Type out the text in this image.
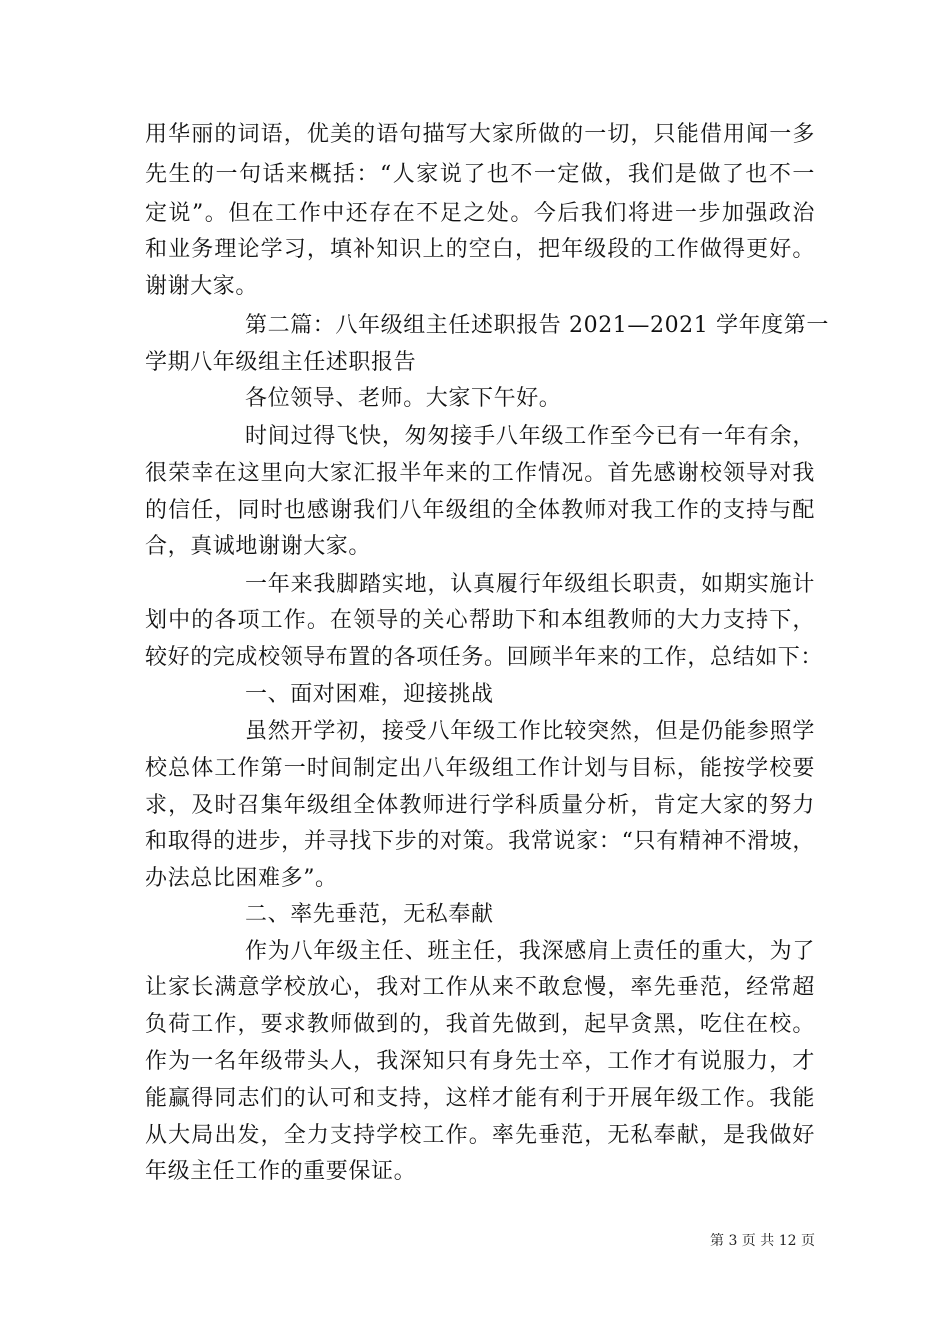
用华丽的词语，优美的语句描写大家所做的一切，只能借用闻一多
先生的一句话来概括：“人家说了也不一定做，我们是做了也不一
定说”。但在工作中还存在不足之处。今后我们将进一步加强政治
和业务理论学习，填补知识上的空白，把年级段的工作做得更好。
谢谢大家。
第二篇：八年级组主任述职报告 2021—2021 学年度第一
学期八年级组主任述职报告
各位领导、老师。大家下午好。
时间过得飞快，匆匆接手八年级工作至今已有一年有余，
很荣幸在这里向大家汇报半年来的工作情况。首先感谢校领导对我
的信任，同时也感谢我们八年级组的全体教师对我工作的支持与配
合，真诚地谢谢大家。
一年来我脚踏实地，认真履行年级组长职责，如期实施计
划中的各项工作。在领导的关心帮助下和本组教师的大力支持下，
较好的完成校领导布置的各项任务。回顾半年来的工作，总结如下：
一、面对困难，迎接挑战
虽然开学初，接受八年级工作比较突然，但是仍能参照学
校总体工作第一时间制定出八年级组工作计划与目标，能按学校要
求，及时召集年级组全体教师进行学科质量分析，肯定大家的努力
和取得的进步，并寻找下步的对策。我常说家：“只有精神不滑坡，
办法总比困难多”。
二、率先垂范，无私奉献
作为八年级主任、班主任，我深感肩上责任的重大，为了
让家长满意学校放心，我对工作从来不敢怠慢，率先垂范，经常超
负荷工作，要求教师做到的，我首先做到，起早贪黑，吃住在校。
作为一名年级带头人，我深知只有身先士卒，工作才有说服力，才
能赢得同志们的认可和支持，这样才能有利于开展年级工作。我能
从大局出发，全力支持学校工作。率先垂范，无私奉献，是我做好
年级主任工作的重要保证。
第 3 页 共 12 页
